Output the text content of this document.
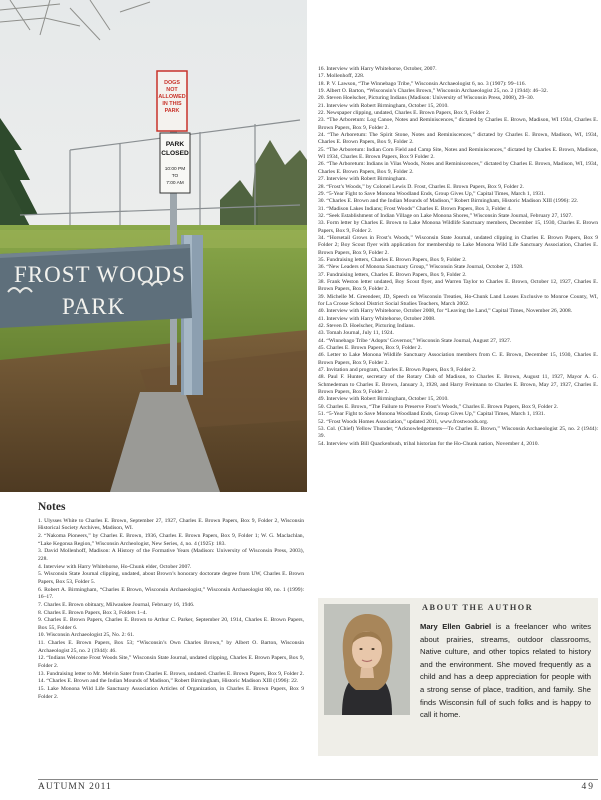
DOGS NOT ALLOWED IN THIS PARK
PARK CLOSED
10:00 PM TO 7:00 AM
FROST WOODS PARK
Notes

1. Ulysses White to Charles E. Brown, September 27, 1927, Charles E. Brown Papers, Box 9, Folder 2, Wisconsin Historical Society Archives, Madison, WI.

2. “Nakoma Pioneers,” by Charles E. Brown, 1936, Charles E. Brown Papers, Box 9, Folder 1; W. G. Maclachlan, “Lake Kegonsa Region,” Wisconsin Archeologist, New Series, 4, no. 4 (1925): 183.

3. David Mollenhoff, Madison: A History of the Formative Years (Madison: University of Wisconsin Press, 2003), 228.

4. Interview with Harry Whitehorse, Ho-Chunk elder, October 2007.

5. Wisconsin State Journal clipping, undated, about Brown’s honorary doctorate degree from UW, Charles E. Brown Papers, Box 53, Folder 5.

6. Robert A. Birmingham, “Charles E Brown, Wisconsin Archaeologist,” Wisconsin Archaeologist 80, no. 1 (1999): 16–17.

7. Charles E. Brown obituary, Milwaukee Journal, February 16, 1946.

8. Charles E. Brown Papers, Box 3, Folders 1–4.

9. Charles E. Brown Papers, Charles E. Brown to Arthur C. Parker, September 20, 1914, Charles E. Brown Papers, Box 55, Folder 6.

10. Wisconsin Archaeologist 25, No. 2: 61.

11. Charles E. Brown Papers, Box 53; “Wisconsin’s Own Charles Brown,” by Albert O. Barton, Wisconsin Archaeologist 25, no. 2 (1944): 46.

12. “Indians Welcome Frost Woods Site,” Wisconsin State Journal, undated clipping, Charles E. Brown Papers, Box 9, Folder 2.

13. Fundraising letter to Mr. Melvin Sater from Charles E. Brown, undated. Charles E. Brown Papers, Box 9, Folder 2.

14. “Charles E. Brown and the Indian Mounds of Madison,” Robert Birmingham, Historic Madison XIII (1996): 22.

15. Lake Monona Wild Life Sanctuary Association Articles of Organization, in Charles E. Brown Papers, Box 9 Folder 2.

16. Interview with Harry Whitehorse, October, 2007.

17. Mollenhoff, 228.

18. P. V. Lawson, “The Winnebago Tribe,” Wisconsin Archaeologist 6, no. 3 (1907): 99–116.

19. Albert O. Barton, “Wisconsin’s Charles Brown,” Wisconsin Archaeologist 25, no. 2 (1944): 46–32.

20. Steven Hoelscher, Picturing Indians (Madison: University of Wisconsin Press, 2008), 29–30.

21. Interview with Robert Birmingham, October 15, 2010.

22. Newspaper clipping, undated, Charles E. Brown Papers, Box 9, Folder 2.

23. “The Arboretum: Log Canoe, Notes and Reminiscences,” dictated by Charles E. Brown, Madison, WI 1934, Charles E. Brown Papers, Box 9, Folder 2.

24. “The Arboretum: The Spirit Stone, Notes and Reminiscences,” dictated by Charles E. Brown, Madison, WI, 1934, Charles E. Brown Papers, Box 9, Folder 2.

25. “The Arboretum: Indian Corn Field and Camp Site, Notes and Reminiscences,” dictated by Charles E. Brown, Madison, WI 1934, Charles E. Brown Papers, Box 9 Folder 2.

26. “The Arboretum: Indians in Vilas Woods, Notes and Reminiscences,” dictated by Charles E. Brown, Madison, WI, 1934, Charles E. Brown Papers, Box 9, Folder 2.

27. Interview with Robert Birmingham.

28. “Frost’s Woods,” by Colonel Lewis D. Frost, Charles E. Brown Papers, Box 9, Folder 2.

29. “5-Year Fight to Save Monona Woodland Ends, Group Gives Up,” Capital Times, March 1, 1931.

30. “Charles E. Brown and the Indian Mounds of Madison,” Robert Birmingham, Historic Madison XIII (1996): 22.

31. “Madison Lakes Indians; Frost Woods” Charles E. Brown Papers, Box 3, Folder 4.

32. “Seek Establishment of Indian Village on Lake Monona Shores,” Wisconsin State Journal, February 27, 1927.

33. Form letter by Charles E. Brown to Lake Monona Wildlife Sanctuary members, December 15, 1930, Charles E. Brown Papers, Box 9, Folder 2.

34. “Horsetail Grows in Frost’s Woods,” Wisconsin State Journal, undated clipping in Charles E. Brown Papers, Box 9 Folder 2; Boy Scout flyer with application for membership to Lake Monona Wild Life Sanctuary Association, Charles E. Brown Papers, Box 9, Folder 2.

35. Fundraising letters, Charles E. Brown Papers, Box 9, Folder 2.

36. “New Leaders of Monona Sanctuary Group,” Wisconsin State Journal, October 2, 1928.

37. Fundraising letters, Charles E. Brown Papers, Box 9, Folder 2.

38. Frank Weston letter undated, Boy Scout flyer, and Warren Taylor to Charles E. Brown, October 12, 1927, Charles E. Brown Papers, Box 9, Folder 2.

39. Michelle M. Greendeer, JD, Speech on Wisconsin Treaties, Ho-Chunk Land Losses Exclusive to Monroe County, WI, for La Crosse School District Social Studies Teachers, March 2002.

40. Interview with Harry Whitehorse, October 2008, for “Leaving the Land,” Capital Times, November 26, 2008.

41. Interview with Harry Whitehorse, October 2008.

42. Steven D. Hoelscher, Picturing Indians.

43. Tomah Journal, July 11, 1924.

44. “Winnebago Tribe ‘Adopts’ Governor,” Wisconsin State Journal, August 27, 1927.

45. Charles E. Brown Papers, Box 9, Folder 2.

46. Letter to Lake Monona Wildlife Sanctuary Association members from C. E. Brown, December 15, 1930, Charles E. Brown Papers, Box 9, Folder 2.

47. Invitation and program, Charles E. Brown Papers, Box 9, Folder 2.

48. Paul F. Hunter, secretary of the Rotary Club of Madison, to Charles E. Brown, August 11, 1927, Mayor A. G. Schmedeman to Charles E. Brown, January 3, 1928, and Harry Freimann to Charles E. Brown, May 27, 1927, Charles E. Brown Papers, Box 9, Folder 2.

49. Interview with Robert Birmingham, October 15, 2010.

50. Charles E. Brown, “The Failure to Preserve Frost’s Woods,” Charles E. Brown Papers, Box 9, Folder 2.

51. “5-Year Fight to Save Monona Woodland Ends, Group Gives Up,” Capital Times, March 1, 1931.

52. “Frost Woods Homes Association,” updated 2011, www.frostwoods.org.

53. Col. (Chief) Yellow Thunder, “Acknowledgements—To Charles E. Brown,” Wisconsin Archaeologist 25, no. 2 (1944): 39.

54. Interview with Bill Quackenbush, tribal historian for the Ho-Chunk nation, November 4, 2010.

ABOUT THE AUTHOR

Mary Ellen Gabriel is a freelancer who writes about prairies, streams, outdoor classrooms, Native culture, and other topics related to history and the environment. She moved frequently as a child and has a deep appreciation for people with a strong sense of place, tradition, and family. She finds Wisconsin full of such folks and is happy to call it home.

AUTUMN 2011	49
